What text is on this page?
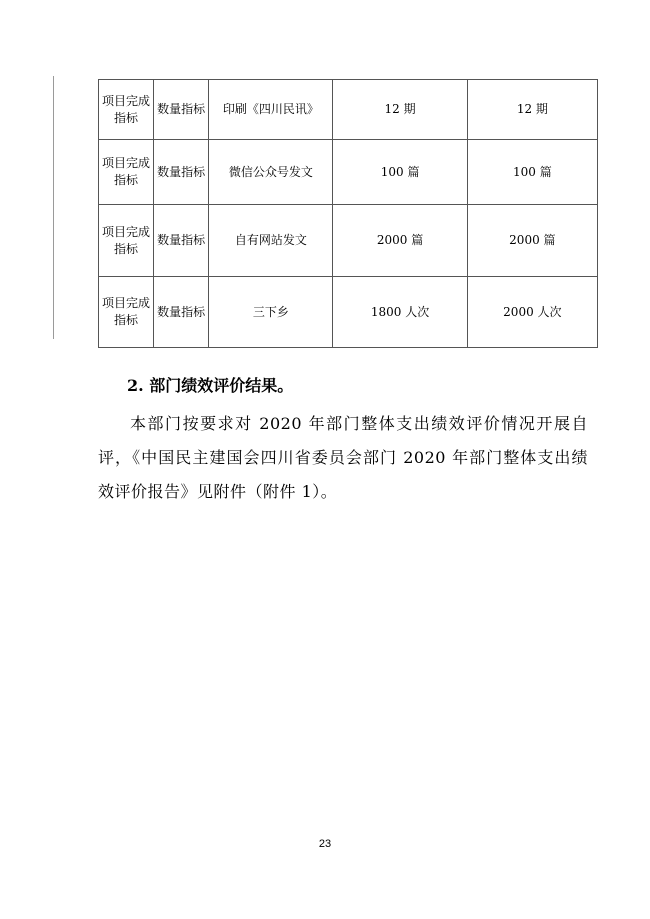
项目完成指标	数量指标	印刷《四川民讯》	12 期	12 期
项目完成指标	数量指标	微信公众号发文	100 篇	100 篇
项目完成指标	数量指标	自有网站发文	2000 篇	2000 篇
项目完成指标	数量指标	三下乡	1800 人次	2000 人次
2. 部门绩效评价结果。

本部门按要求对 2020 年部门整体支出绩效评价情况开展自评，《中国民主建国会四川省委员会部门 2020 年部门整体支出绩效评价报告》见附件（附件 1）。

23
